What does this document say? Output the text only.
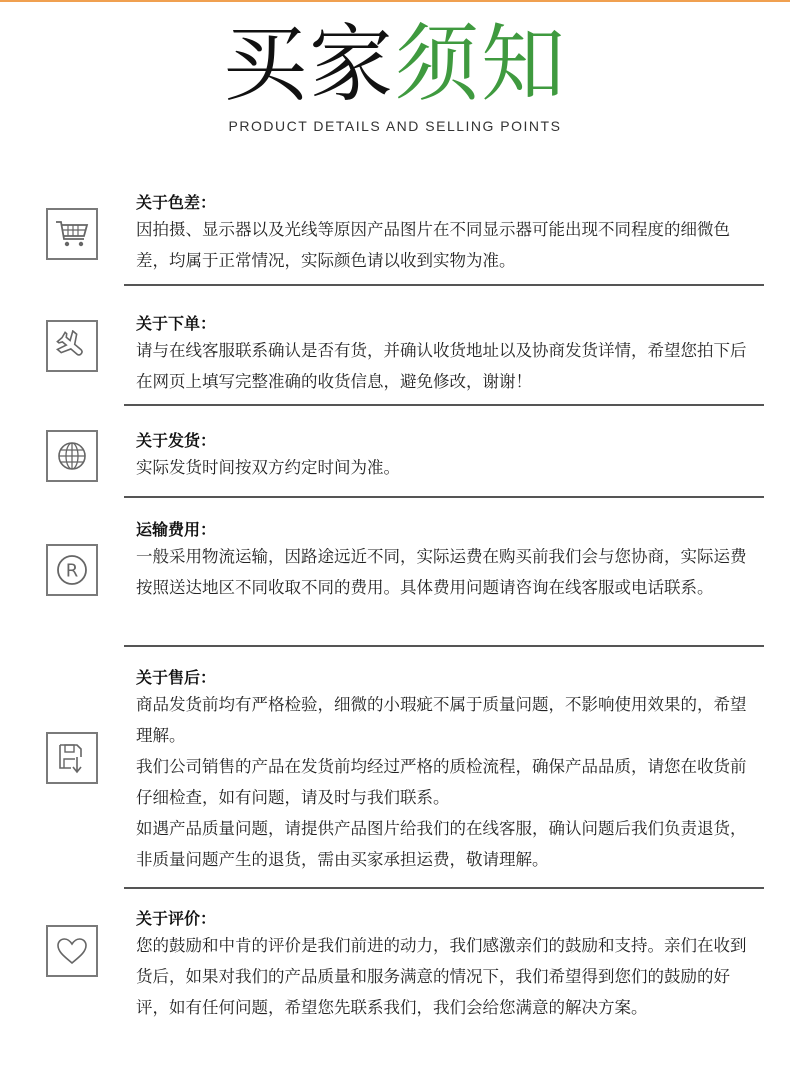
买家须知
PRODUCT DETAILS AND SELLING POINTS
关于色差：

因拍摄、显示器以及光线等原因产品图片在不同显示器可能出现不同程度的细微色差，均属于正常情况，实际颜色请以收到实物为准。

关于下单：

请与在线客服联系确认是否有货，并确认收货地址以及协商发货详情，希望您拍下后在网页上填写完整准确的收货信息，避免修改，谢谢！

关于发货：

实际发货时间按双方约定时间为准。

R
运输费用：

一般采用物流运输，因路途远近不同，实际运费在购买前我们会与您协商，实际运费按照送达地区不同收取不同的费用。具体费用问题请咨询在线客服或电话联系。

关于售后：

商品发货前均有严格检验，细微的小瑕疵不属于质量问题，不影响使用效果的，希望理解。

我们公司销售的产品在发货前均经过严格的质检流程，确保产品品质，请您在收货前仔细检查，如有问题，请及时与我们联系。

如遇产品质量问题，请提供产品图片给我们的在线客服，确认问题后我们负责退货，非质量问题产生的退货，需由买家承担运费，敬请理解。

关于评价：

您的鼓励和中肯的评价是我们前进的动力，我们感激亲们的鼓励和支持。亲们在收到货后，如果对我们的产品质量和服务满意的情况下，我们希望得到您们的鼓励的好评，如有任何问题，希望您先联系我们，我们会给您满意的解决方案。
